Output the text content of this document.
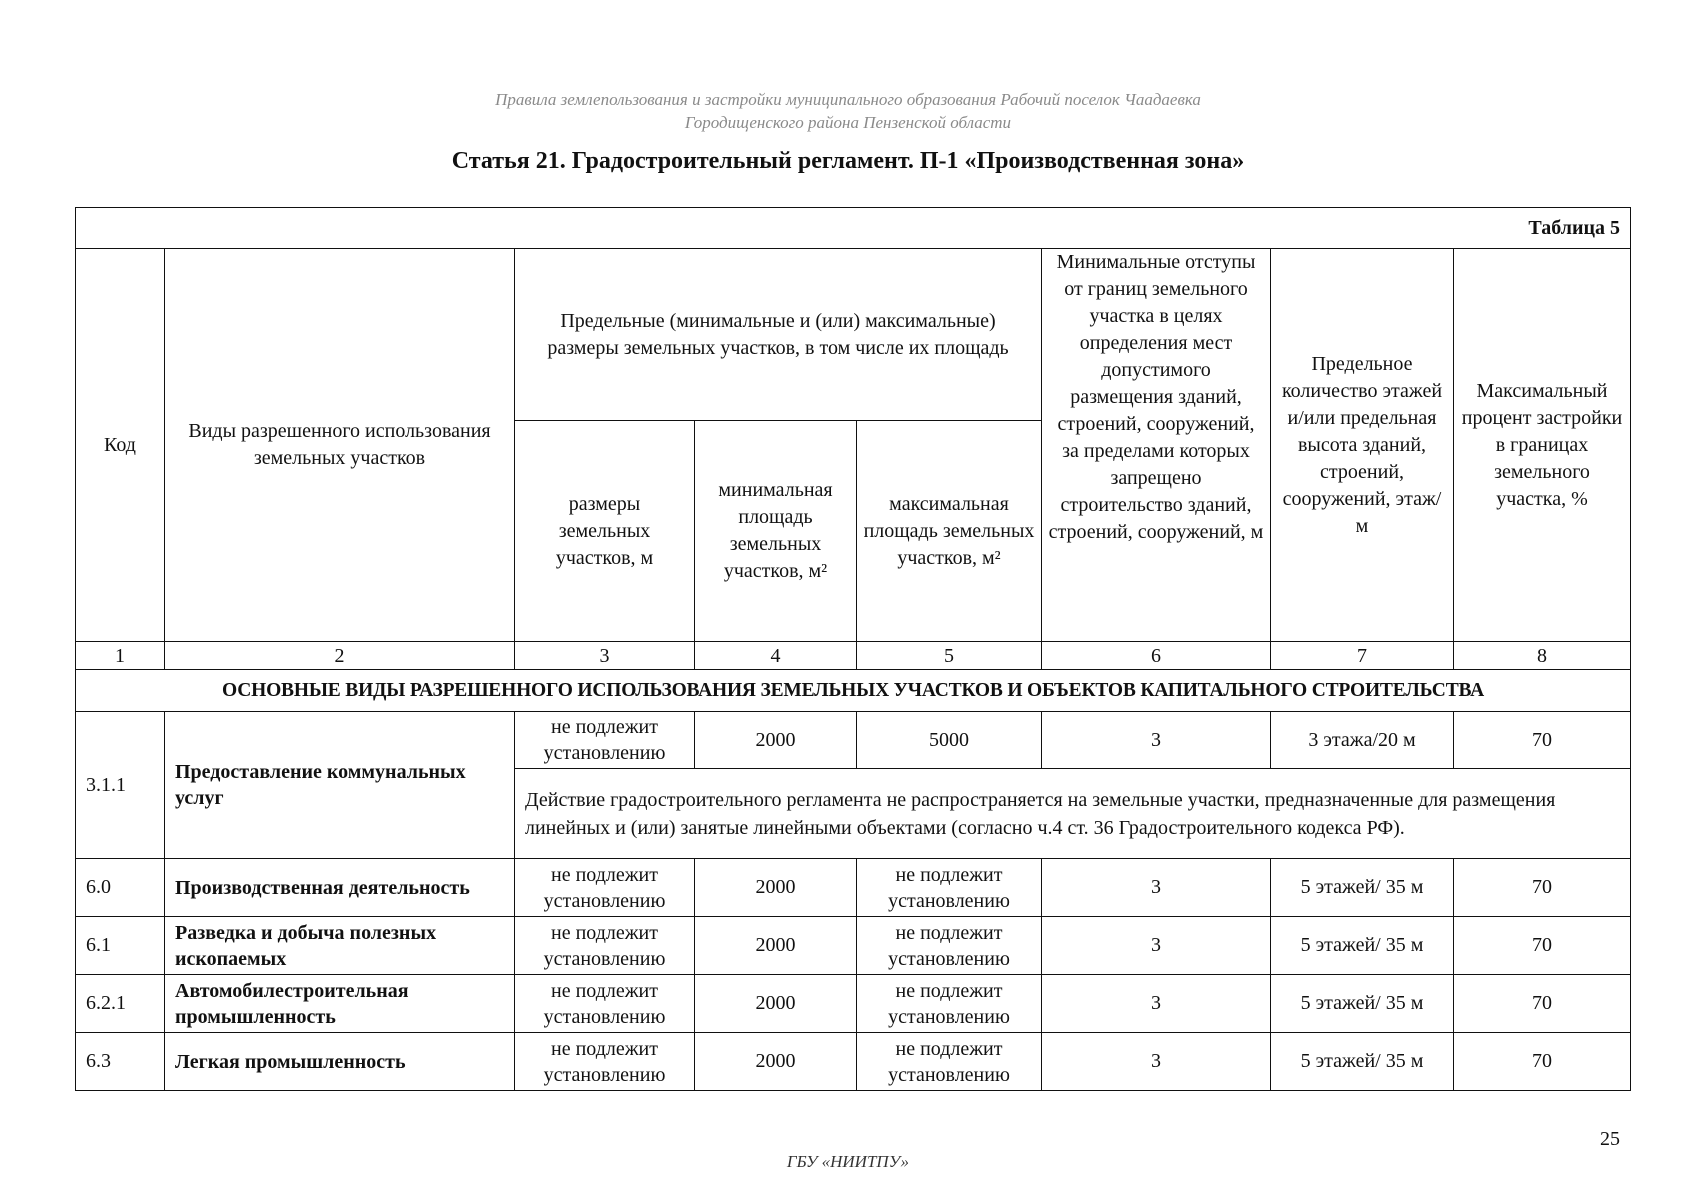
Правила землепользования и застройки муниципального образования Рабочий поселок Чаадаевка
Городищенского района Пензенской области
Статья 21. Градостроительный регламент. П-1 «Производственная зона»
Таблица 5							
Код	Виды разрешенного использования земельных участков	Предельные (минимальные и (или) максимальные) размеры земельных участков, в том числе их площадь			Минимальные отступы от границ земельного участка в целях определения мест допустимого размещения зданий, строений, сооружений, за пределами которых запрещено строительство зданий, строений, сооружений, м	Предельное количество этажей и/или предельная высота зданий, строений, сооружений, этаж/м	Максимальный процент застройки в границах земельного участка, %
		размеры земельных участков, м	минимальная площадь земельных участков, м²	максимальная площадь земельных участков, м²			
1	2	3	4	5	6	7	8
ОСНОВНЫЕ ВИДЫ РАЗРЕШЕННОГО ИСПОЛЬЗОВАНИЯ ЗЕМЕЛЬНЫХ УЧАСТКОВ И ОБЪЕКТОВ КАПИТАЛЬНОГО СТРОИТЕЛЬСТВА							
3.1.1	Предоставление коммунальных услуг	не подлежит установлению	2000	5000	3	3 этажа/20 м	70
		Действие градостроительного регламента не распространяется на земельные участки, предназначенные для размещения линейных и (или) занятые линейными объектами (согласно ч.4 ст. 36 Градостроительного кодекса РФ).					
6.0	Производственная деятельность	не подлежит установлению	2000	не подлежит установлению	3	5 этажей/ 35 м	70
6.1	Разведка и добыча полезных ископаемых	не подлежит установлению	2000	не подлежит установлению	3	5 этажей/ 35 м	70
6.2.1	Автомобилестроительная промышленность	не подлежит установлению	2000	не подлежит установлению	3	5 этажей/ 35 м	70
6.3	Легкая промышленность	не подлежит установлению	2000	не подлежит установлению	3	5 этажей/ 35 м	70
25
ГБУ «НИИТПУ»
